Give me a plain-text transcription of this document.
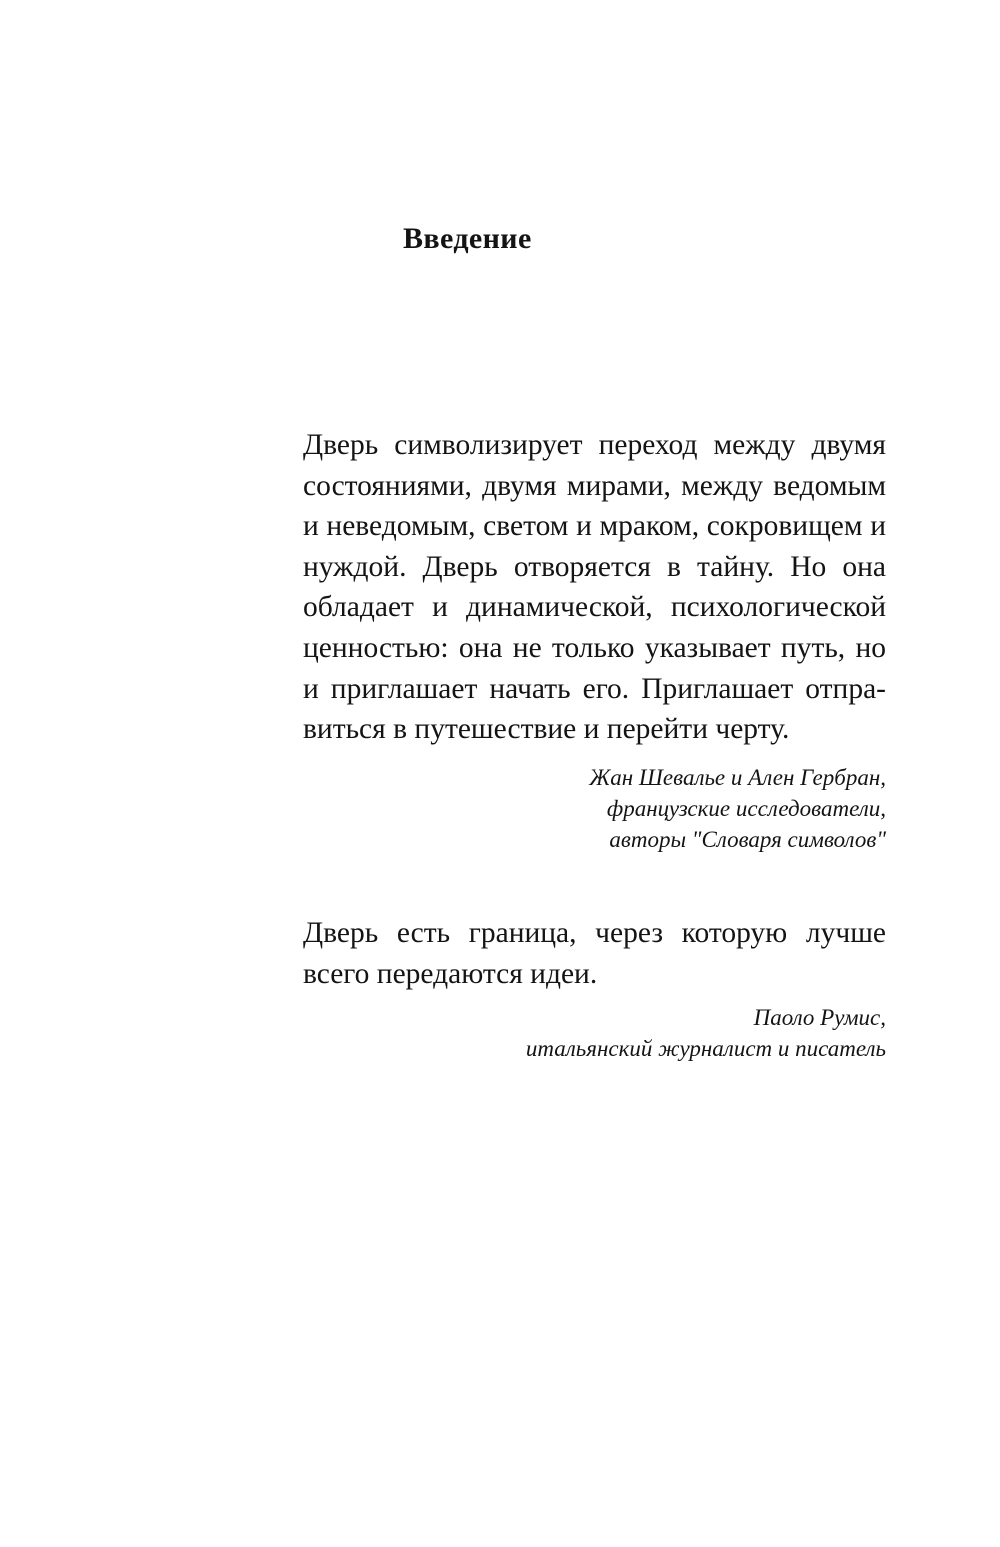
Введение

Дверь символизирует переход между двумя состояниями, двумя мирами, между ведомым и неведомым, светом и мраком, сокровищем и нуждой. Дверь отворяется в тайну. Но она обладает и динамической, психологической ценностью: она не только указывает путь, но и приглашает начать его. Приглашает отправиться в путешествие и перейти черту.

Жан Шевалье и Ален Гербран,
французские исследователи,
авторы "Словаря символов"

Дверь есть граница, через которую лучше всего передаются идеи.

Паоло Румис,
итальянский журналист и писатель
